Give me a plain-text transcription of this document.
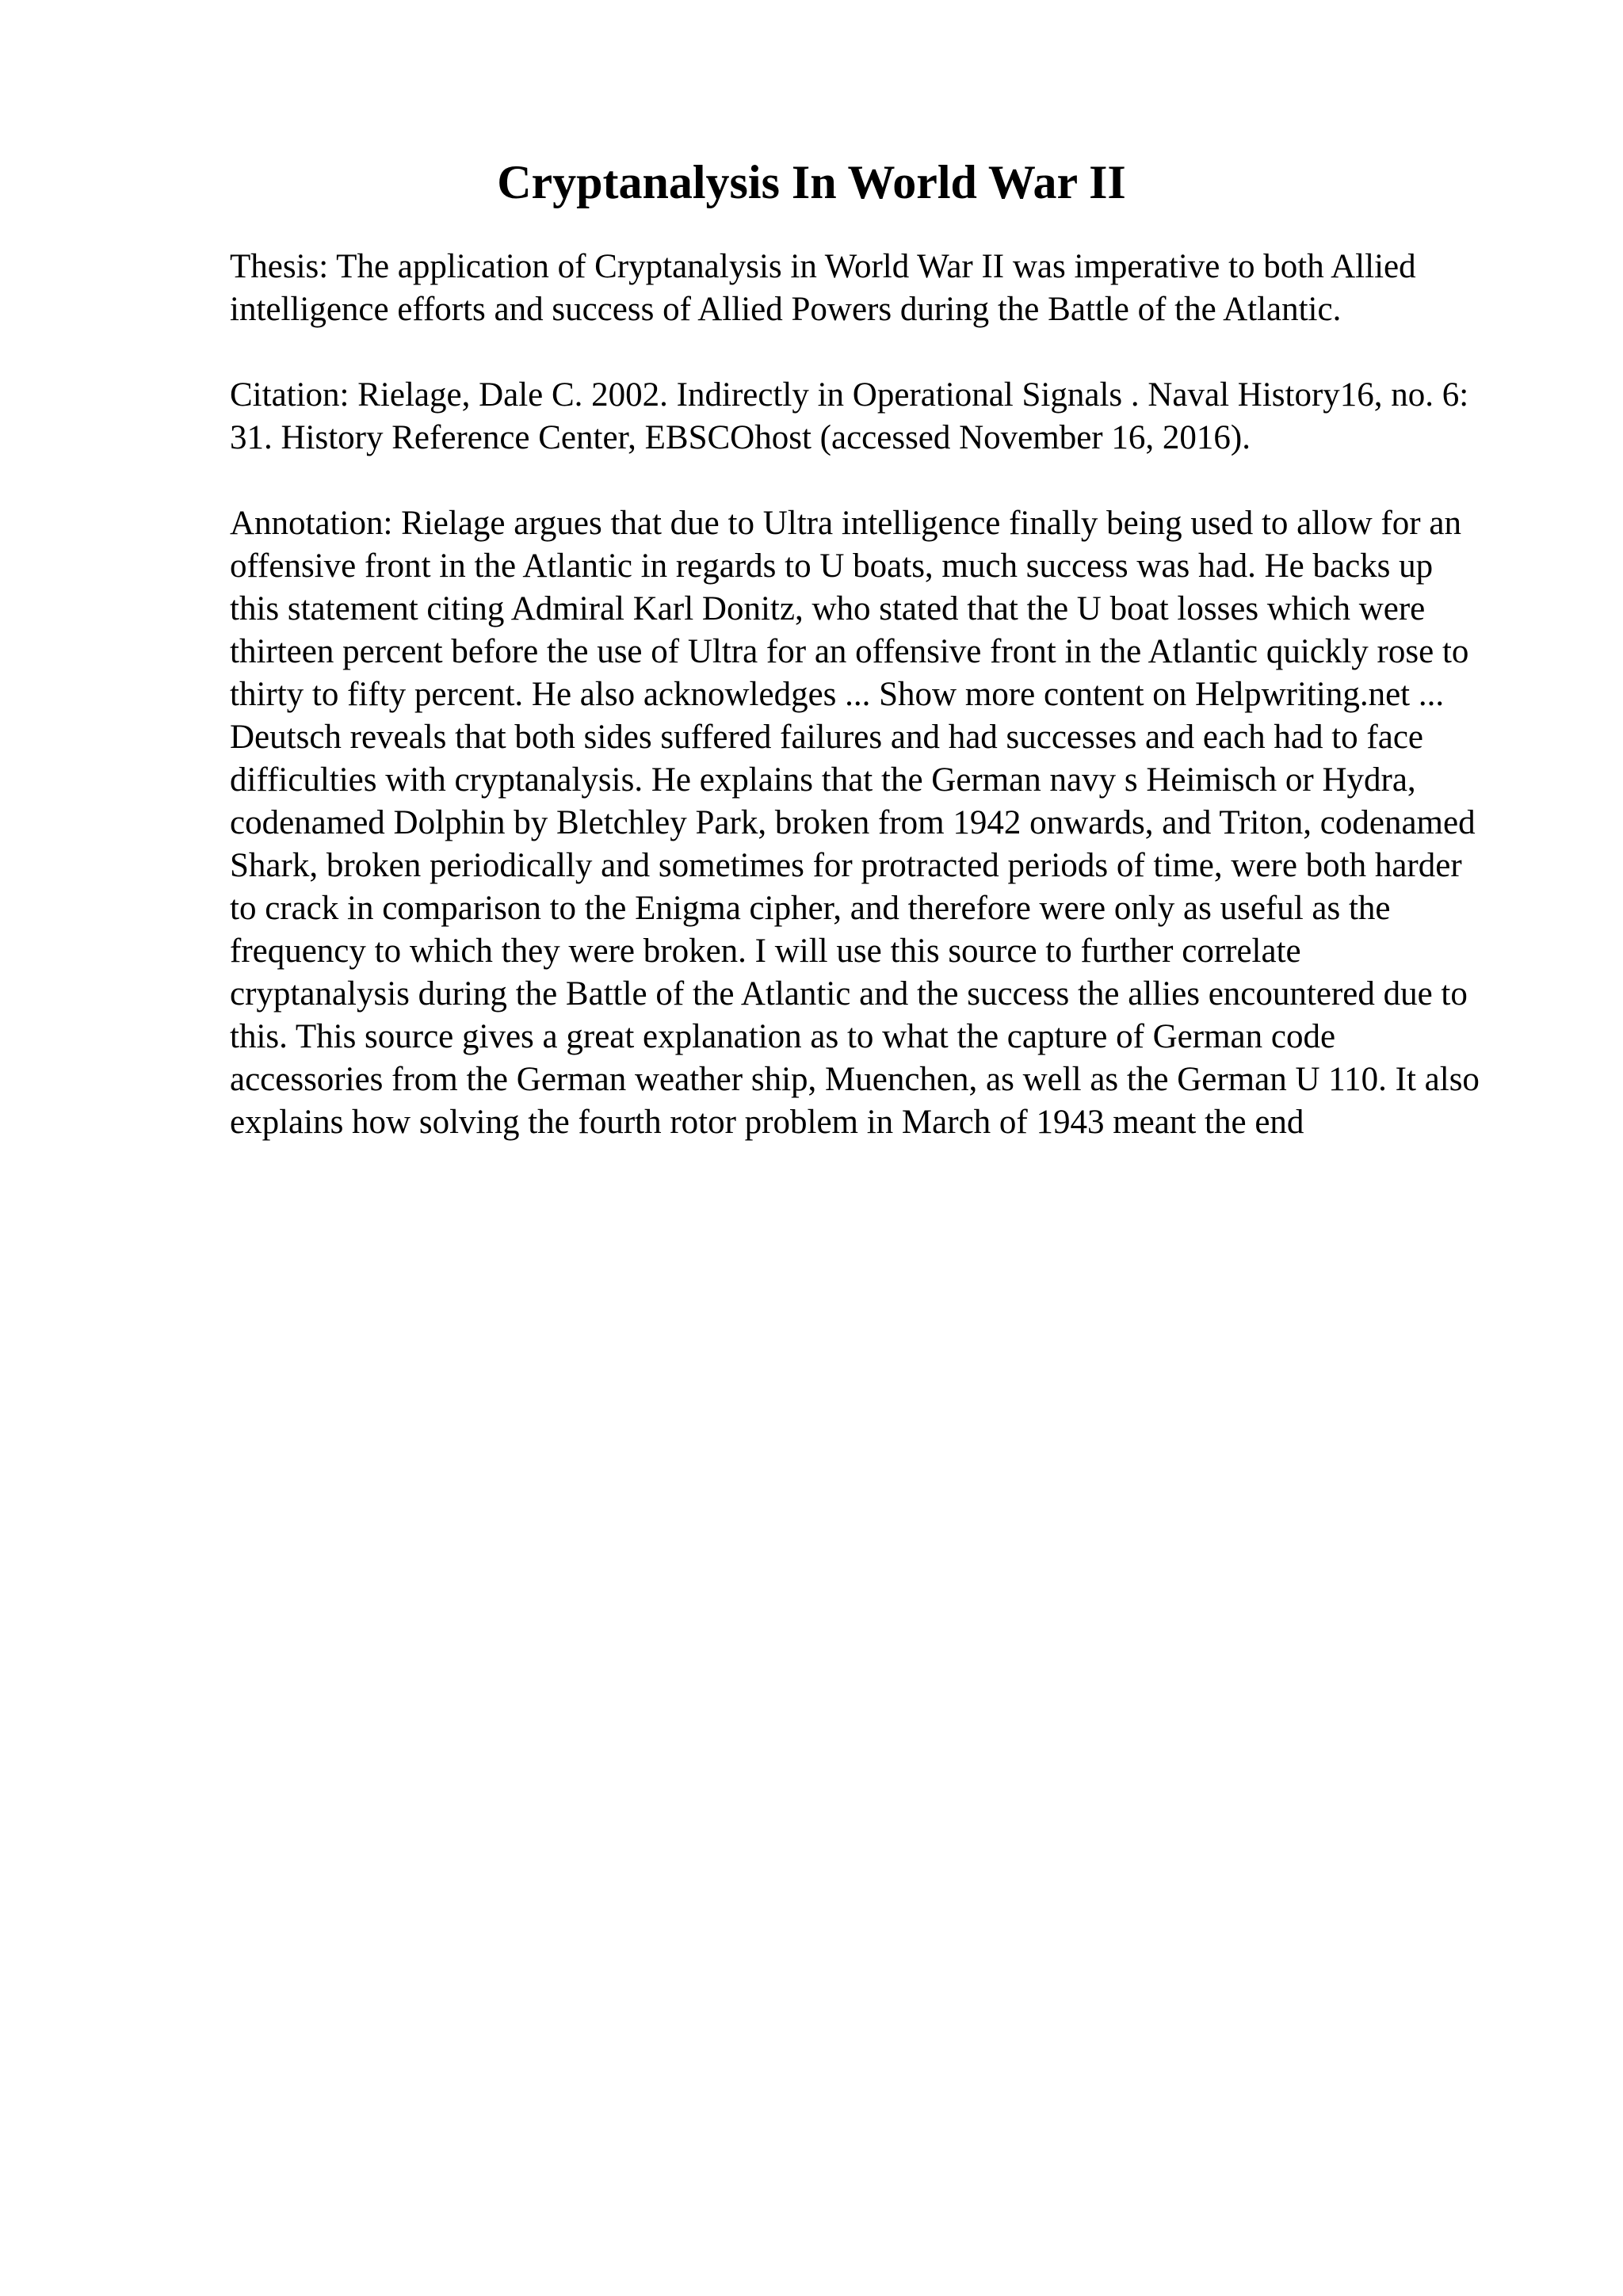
Cryptanalysis In World War II

Thesis: The application of Cryptanalysis in World War II was imperative to both Allied intelligence efforts and success of Allied Powers during the Battle of the Atlantic.

Citation: Rielage, Dale C. 2002. Indirectly in Operational Signals . Naval History16, no. 6: 31. History Reference Center, EBSCOhost (accessed November 16, 2016).

Annotation: Rielage argues that due to Ultra intelligence finally being used to allow for an offensive front in the Atlantic in regards to U boats, much success was had. He backs up this statement citing Admiral Karl Donitz, who stated that the U boat losses which were thirteen percent before the use of Ultra for an offensive front in the Atlantic quickly rose to thirty to fifty percent. He also acknowledges ... Show more content on Helpwriting.net ...

Deutsch reveals that both sides suffered failures and had successes and each had to face difficulties with cryptanalysis. He explains that the German navy s Heimisch or Hydra, codenamed Dolphin by Bletchley Park, broken from 1942 onwards, and Triton, codenamed Shark, broken periodically and sometimes for protracted periods of time, were both harder to crack in comparison to the Enigma cipher, and therefore were only as useful as the frequency to which they were broken. I will use this source to further correlate cryptanalysis during the Battle of the Atlantic and the success the allies encountered due to this. This source gives a great explanation as to what the capture of German code accessories from the German weather ship, Muenchen, as well as the German U 110. It also explains how solving the fourth rotor problem in March of 1943 meant the end
